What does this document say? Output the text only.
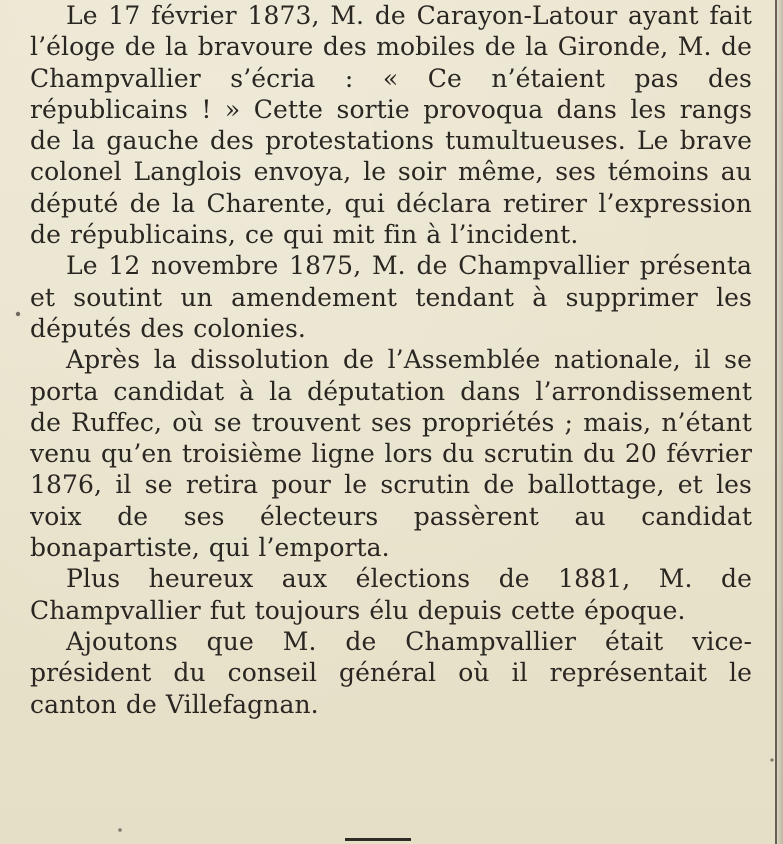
Le 17 février 1873, M. de Carayon-Latour ayant fait l’éloge de la bravoure des mobiles de la Gironde, M. de Champvallier s’écria : « Ce n’étaient pas des républicains ! » Cette sortie provoqua dans les rangs de la gauche des protestations tumultueuses. Le brave colonel Langlois envoya, le soir même, ses témoins au député de la Charente, qui déclara retirer l’expression de républicains, ce qui mit fin à l’incident.

Le 12 novembre 1875, M. de Champvallier présenta et soutint un amendement tendant à supprimer les députés des colonies.

Après la dissolution de l’Assemblée nationale, il se porta candidat à la députation dans l’arrondissement de Ruffec, où se trouvent ses propriétés ; mais, n’étant venu qu’en troisième ligne lors du scrutin du 20 février 1876, il se retira pour le scrutin de ballottage, et les voix de ses électeurs passèrent au candidat bonapartiste, qui l’emporta.

Plus heureux aux élections de 1881, M. de Champvallier fut toujours élu depuis cette époque.

Ajoutons que M. de Champvallier était vice-président du conseil général où il représentait le canton de Villefagnan.
